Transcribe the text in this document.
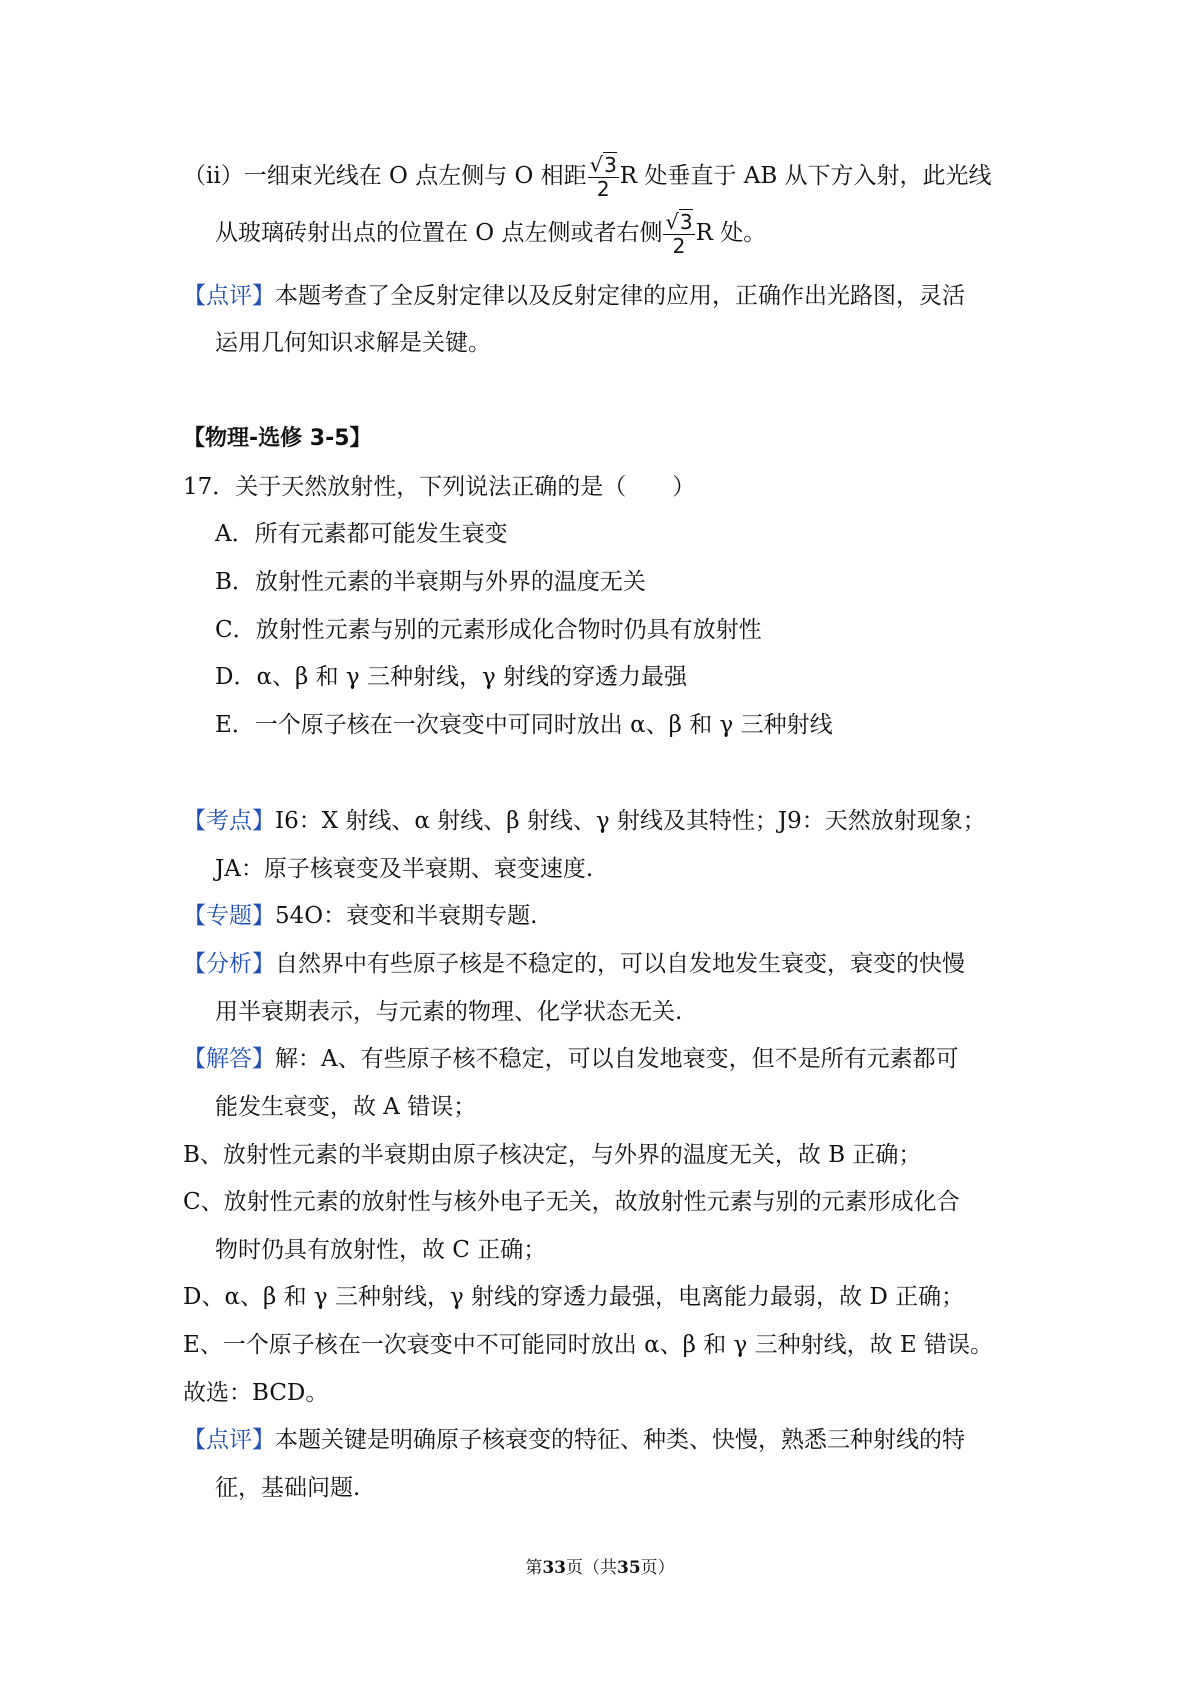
（ii）一细束光线在 O 点左侧与 O 相距 $\frac{√3}{2}$ R 处垂直于 AB 从下方入射，此光线
从玻璃砖射出点的位置在 O 点左侧或者右侧 $\frac{√3}{2}$ R 处。
【点评】本题考查了全反射定律以及反射定律的应用，正确作出光路图，灵活
运用几何知识求解是关键。
【物理-选修 3-5】
17．关于天然放射性，下列说法正确的是（　　）
A．所有元素都可能发生衰变
B．放射性元素的半衰期与外界的温度无关
C．放射性元素与别的元素形成化合物时仍具有放射性
D．α、β 和 γ 三种射线，γ 射线的穿透力最强
E．一个原子核在一次衰变中可同时放出 α、β 和 γ 三种射线
【考点】I6：X 射线、α 射线、β 射线、γ 射线及其特性；J9：天然放射现象；
JA：原子核衰变及半衰期、衰变速度.
【专题】54O：衰变和半衰期专题.
【分析】自然界中有些原子核是不稳定的，可以自发地发生衰变，衰变的快慢
用半衰期表示，与元素的物理、化学状态无关.
【解答】解：A、有些原子核不稳定，可以自发地衰变，但不是所有元素都可
能发生衰变，故 A 错误；
B、放射性元素的半衰期由原子核决定，与外界的温度无关，故 B 正确；
C、放射性元素的放射性与核外电子无关，故放射性元素与别的元素形成化合
物时仍具有放射性，故 C 正确；
D、α、β 和 γ 三种射线，γ 射线的穿透力最强，电离能力最弱，故 D 正确；
E、一个原子核在一次衰变中不可能同时放出 α、β 和 γ 三种射线，故 E 错误。
故选：BCD。
【点评】本题关键是明确原子核衰变的特征、种类、快慢，熟悉三种射线的特
征，基础问题.
第33页（共35页）
